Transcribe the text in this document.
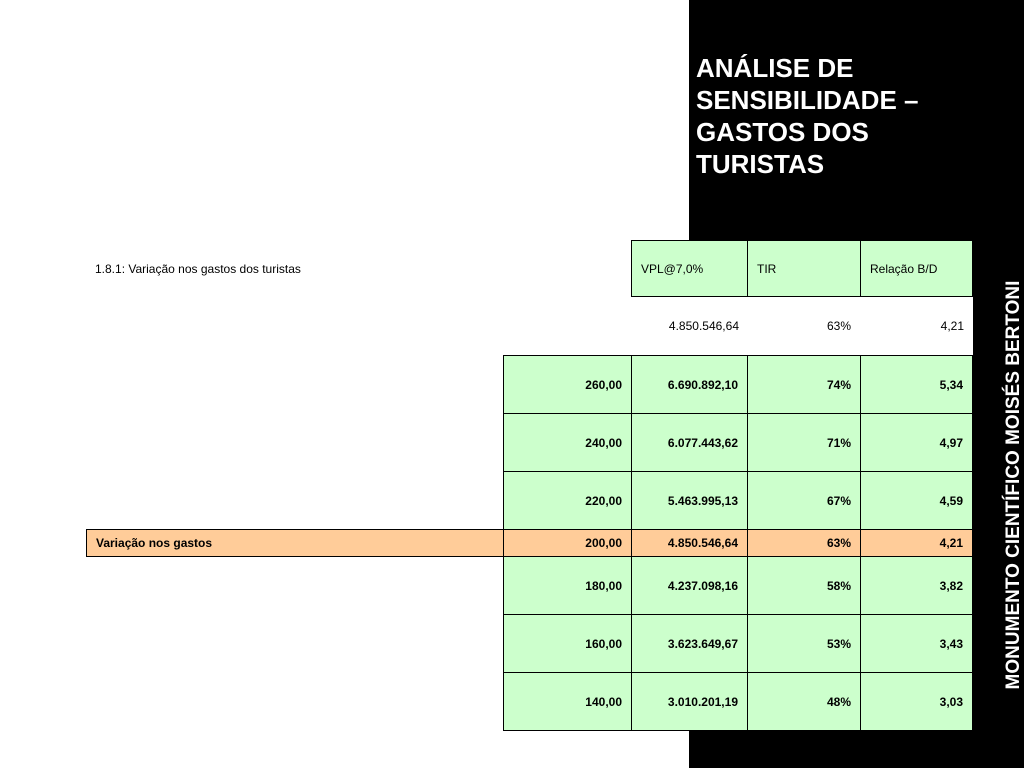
ANÁLISE DE SENSIBILIDADE – GASTOS DOS TURISTAS
MONUMENTO CIENTÍFICO MOISÉS BERTONI
1.8.1: Variação nos gastos dos turistas	VPL@7,0%	TIR	Relação B/D
4.850.546,64	63%	4,21
260,00	6.690.892,10	74%	5,34
240,00	6.077.443,62	71%	4,97
220,00	5.463.995,13	67%	4,59
Variação nos gastos	200,00	4.850.546,64	63%	4,21
180,00	4.237.098,16	58%	3,82
160,00	3.623.649,67	53%	3,43
140,00	3.010.201,19	48%	3,03
